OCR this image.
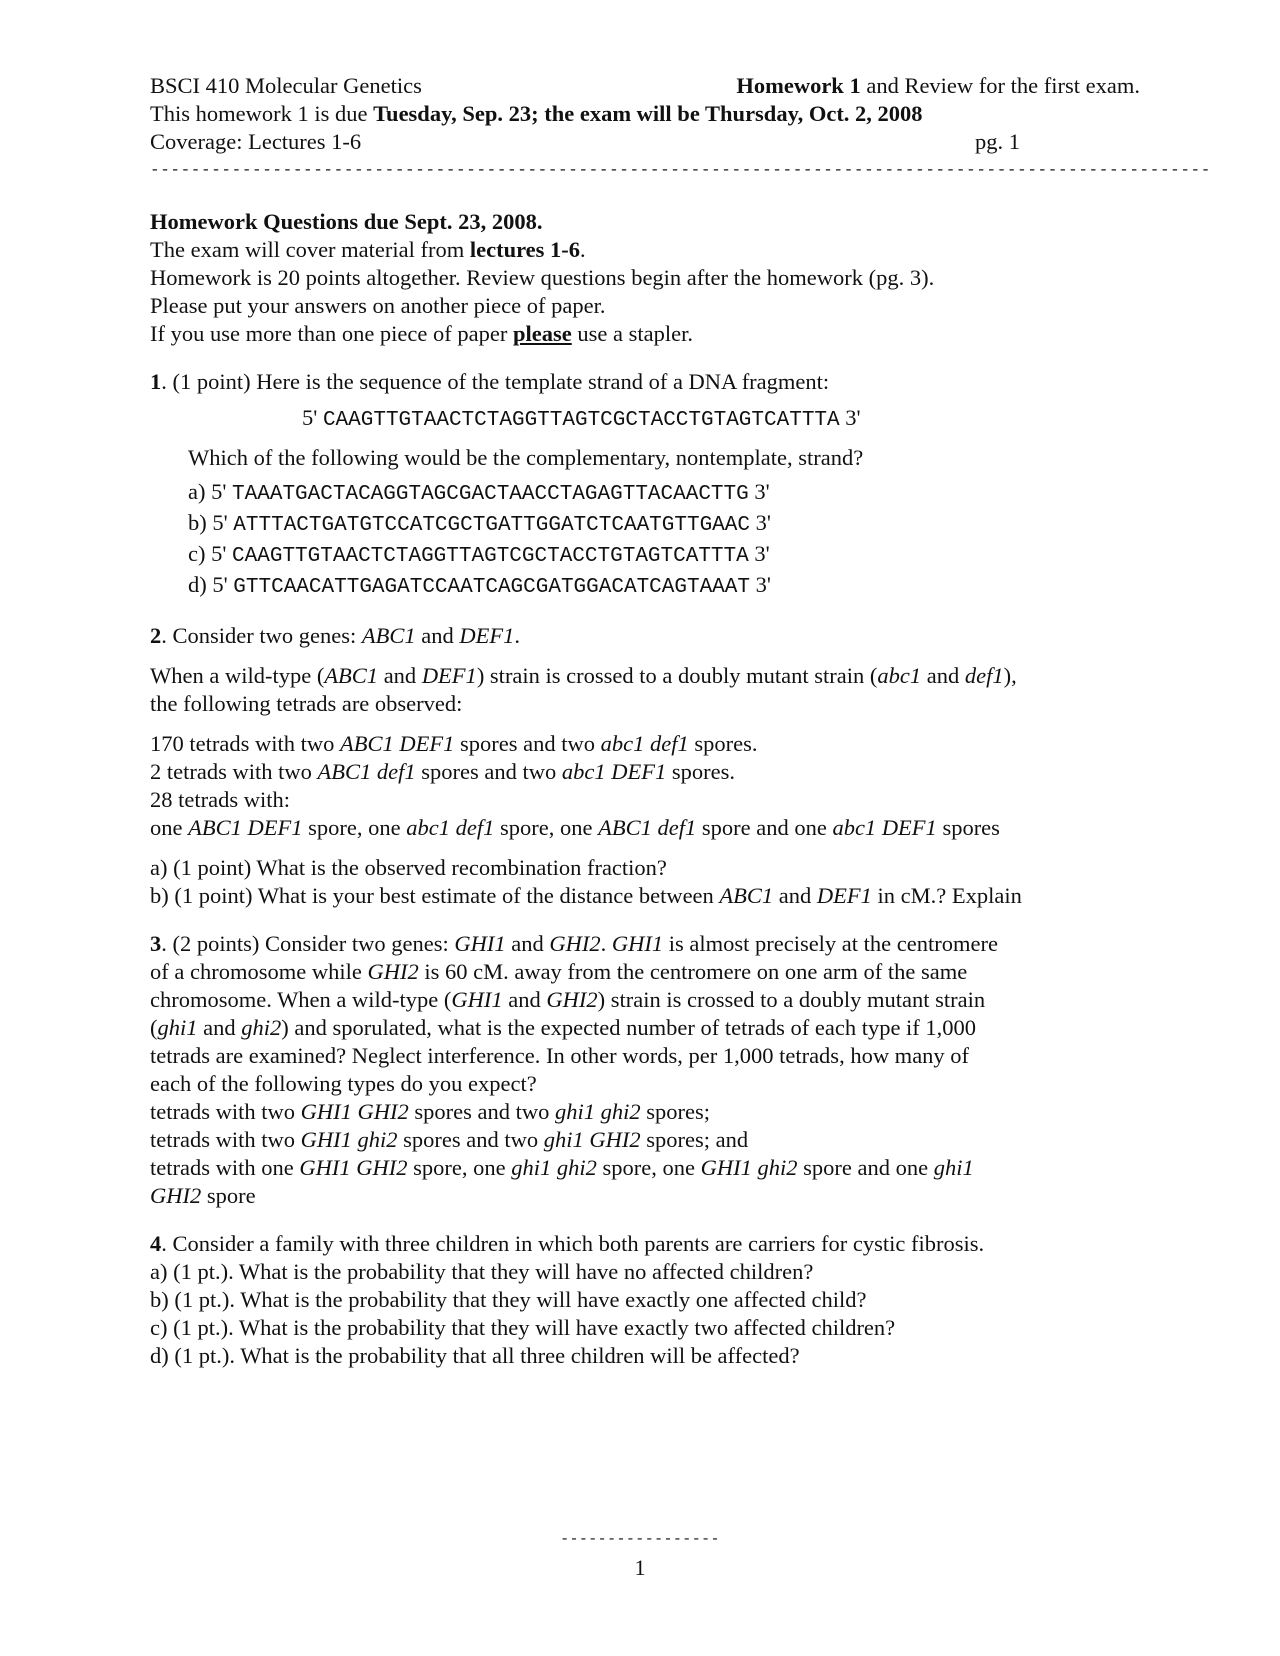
BSCI 410 Molecular Genetics	Homework 1 and Review for the first exam.

This homework 1 is due Tuesday, Sep. 23; the exam will be Thursday, Oct. 2, 2008

Coverage: Lectures 1-6	pg. 1
--------------------------------------------------------------------------------------------------------

Homework Questions due Sept. 23, 2008.

The exam will cover material from lectures 1-6.

Homework is 20 points altogether. Review questions begin after the homework (pg. 3).

Please put your answers on another piece of paper.

If you use more than one piece of paper please use a stapler.

1. (1 point) Here is the sequence of the template strand of a DNA fragment:

5' CAAGTTGTAACTCTAGGTTAGTCGCTACCTGTAGTCATTTA 3'

Which of the following would be the complementary, nontemplate, strand?

a) 5' TAAATGACTACAGGTAGCGACTAACCTAGAGTTACAACTTG 3'

b) 5' ATTTACTGATGTCCATCGCTGATTGGATCTCAATGTTGAAC 3'

c) 5' CAAGTTGTAACTCTAGGTTAGTCGCTACCTGTAGTCATTTA 3'

d) 5' GTTCAACATTGAGATCCAATCAGCGATGGACATCAGTAAAT 3'

2. Consider two genes: ABC1 and DEF1.

When a wild-type (ABC1 and DEF1) strain is crossed to a doubly mutant strain (abc1 and def1),

the following tetrads are observed:

170 tetrads with two ABC1 DEF1 spores and two abc1 def1 spores.

2 tetrads with two ABC1 def1 spores and two abc1 DEF1 spores.

28 tetrads with:

one ABC1 DEF1 spore, one abc1 def1 spore, one ABC1 def1 spore and one abc1 DEF1 spores

a) (1 point) What is the observed recombination fraction?

b) (1 point) What is your best estimate of the distance between ABC1 and DEF1 in cM.? Explain

3. (2 points) Consider two genes: GHI1 and GHI2. GHI1 is almost precisely at the centromere

of a chromosome while GHI2 is 60 cM. away from the centromere on one arm of the same

chromosome. When a wild-type (GHI1 and GHI2) strain is crossed to a doubly mutant strain

(ghi1 and ghi2) and sporulated, what is the expected number of tetrads of each type if 1,000

tetrads are examined? Neglect interference. In other words, per 1,000 tetrads, how many of

each of the following types do you expect?

tetrads with two GHI1 GHI2 spores and two ghi1 ghi2 spores;

tetrads with two GHI1 ghi2 spores and two ghi1 GHI2 spores; and

tetrads with one GHI1 GHI2 spore, one ghi1 ghi2 spore, one GHI1 ghi2 spore and one ghi1

GHI2 spore

4. Consider a family with three children in which both parents are carriers for cystic fibrosis.

a) (1 pt.). What is the probability that they will have no affected children?

b) (1 pt.). What is the probability that they will have exactly one affected child?

c) (1 pt.). What is the probability that they will have exactly two affected children?

d) (1 pt.). What is the probability that all three children will be affected?

-----------------
1
